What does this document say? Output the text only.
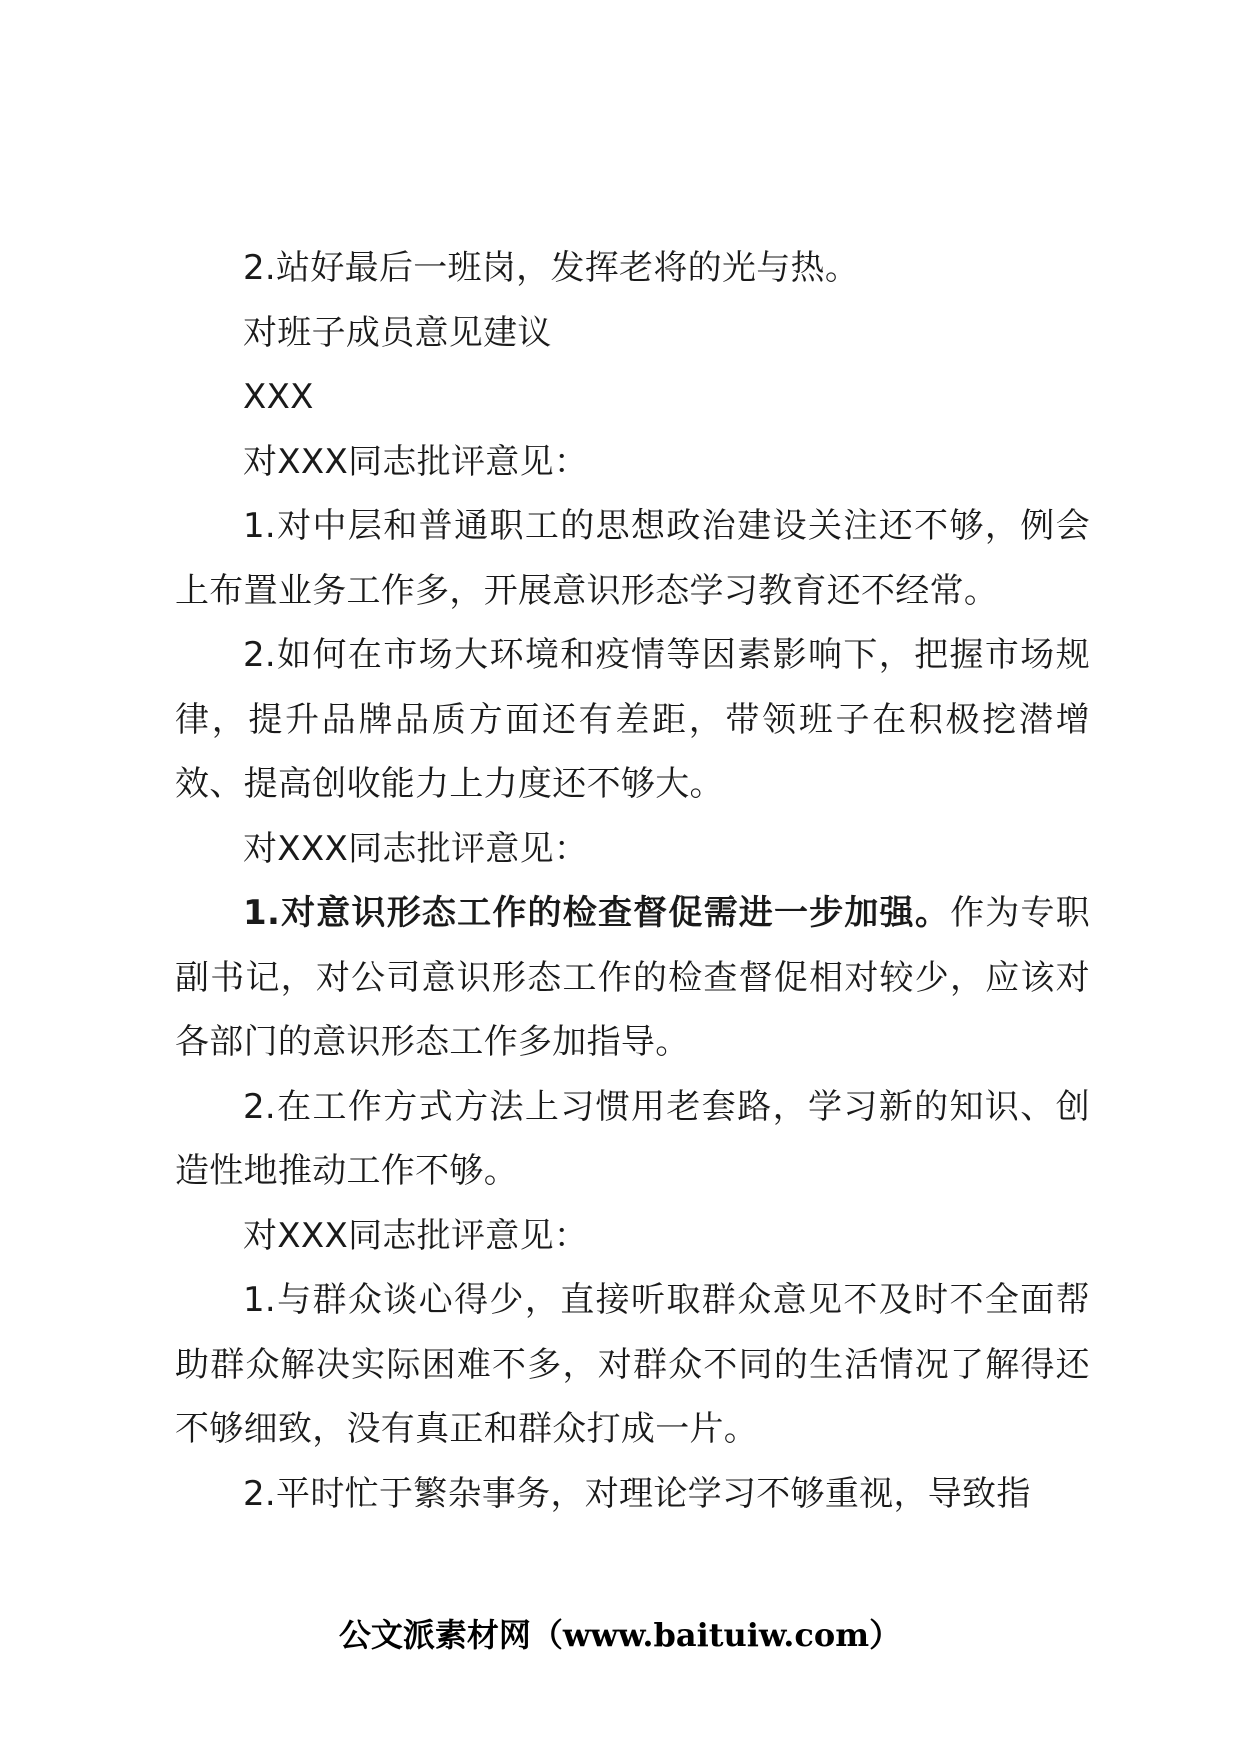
2.站好最后一班岗，发挥老将的光与热。

对班子成员意见建议

XXX

对XXX同志批评意见：

1.对中层和普通职工的思想政治建设关注还不够，例会上布置业务工作多，开展意识形态学习教育还不经常。

2.如何在市场大环境和疫情等因素影响下，把握市场规律，提升品牌品质方面还有差距，带领班子在积极挖潜增效、提高创收能力上力度还不够大。

对XXX同志批评意见：

1.对意识形态工作的检查督促需进一步加强。作为专职副书记，对公司意识形态工作的检查督促相对较少，应该对各部门的意识形态工作多加指导。

2.在工作方式方法上习惯用老套路，学习新的知识、创造性地推动工作不够。

对XXX同志批评意见：

1.与群众谈心得少，直接听取群众意见不及时不全面帮助群众解决实际困难不多，对群众不同的生活情况了解得还不够细致，没有真正和群众打成一片。

2.平时忙于繁杂事务，对理论学习不够重视，导致指

公文派素材网（www.baituiw.com）
